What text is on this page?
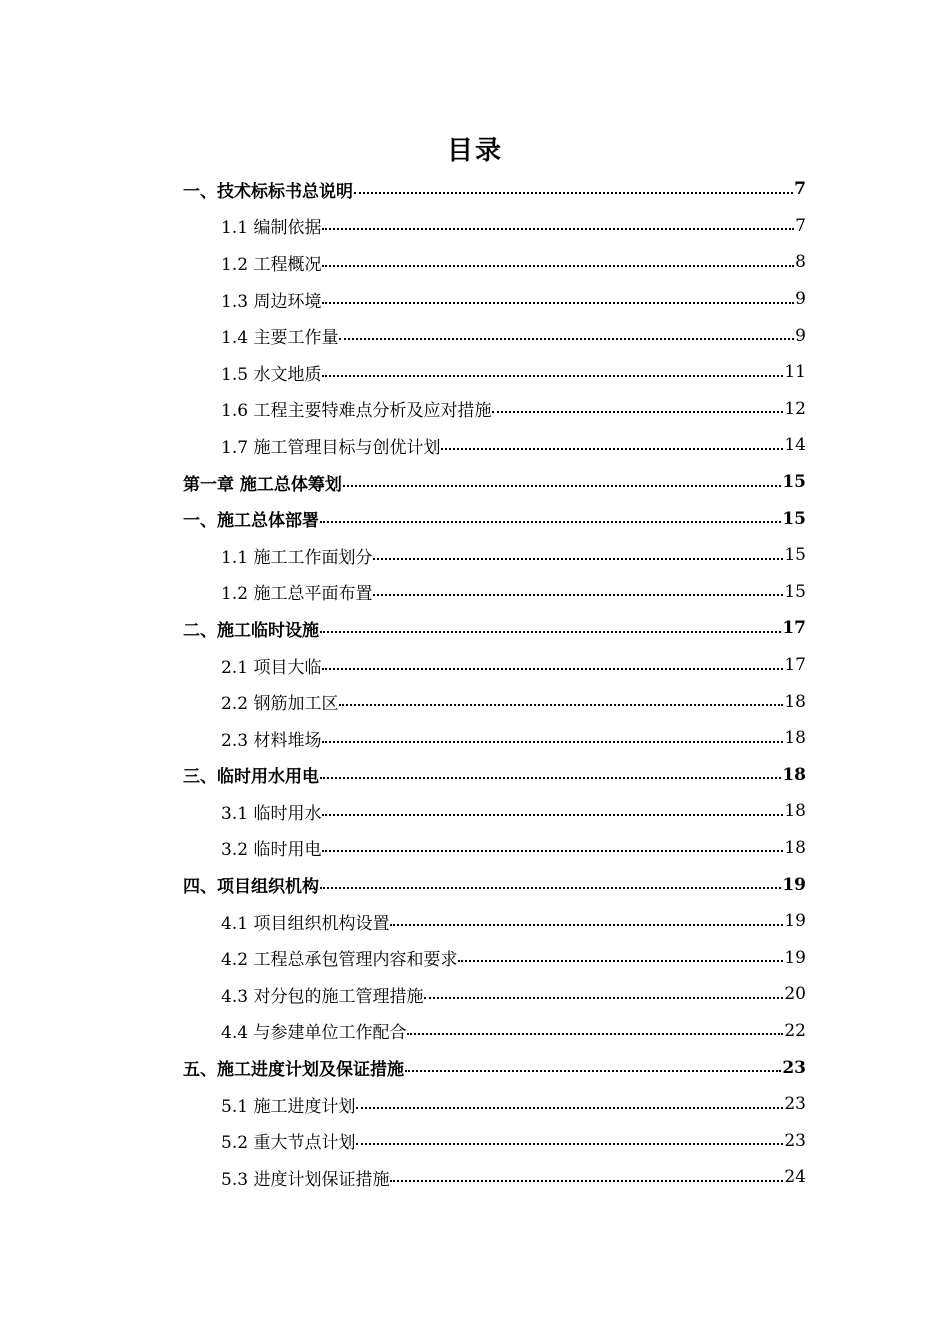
目录
一、技术标标书总说明	7
1.1 编制依据	7
1.2 工程概况	8
1.3 周边环境	9
1.4 主要工作量	9
1.5 水文地质	11
1.6 工程主要特难点分析及应对措施	12
1.7 施工管理目标与创优计划	14
第一章 施工总体筹划	15
一、施工总体部署	15
1.1 施工工作面划分	15
1.2 施工总平面布置	15
二、施工临时设施	17
2.1 项目大临	17
2.2 钢筋加工区	18
2.3 材料堆场	18
三、临时用水用电	18
3.1 临时用水	18
3.2 临时用电	18
四、项目组织机构	19
4.1 项目组织机构设置	19
4.2 工程总承包管理内容和要求	19
4.3 对分包的施工管理措施	20
4.4 与参建单位工作配合	22
五、施工进度计划及保证措施	23
5.1 施工进度计划	23
5.2 重大节点计划	23
5.3 进度计划保证措施	24
